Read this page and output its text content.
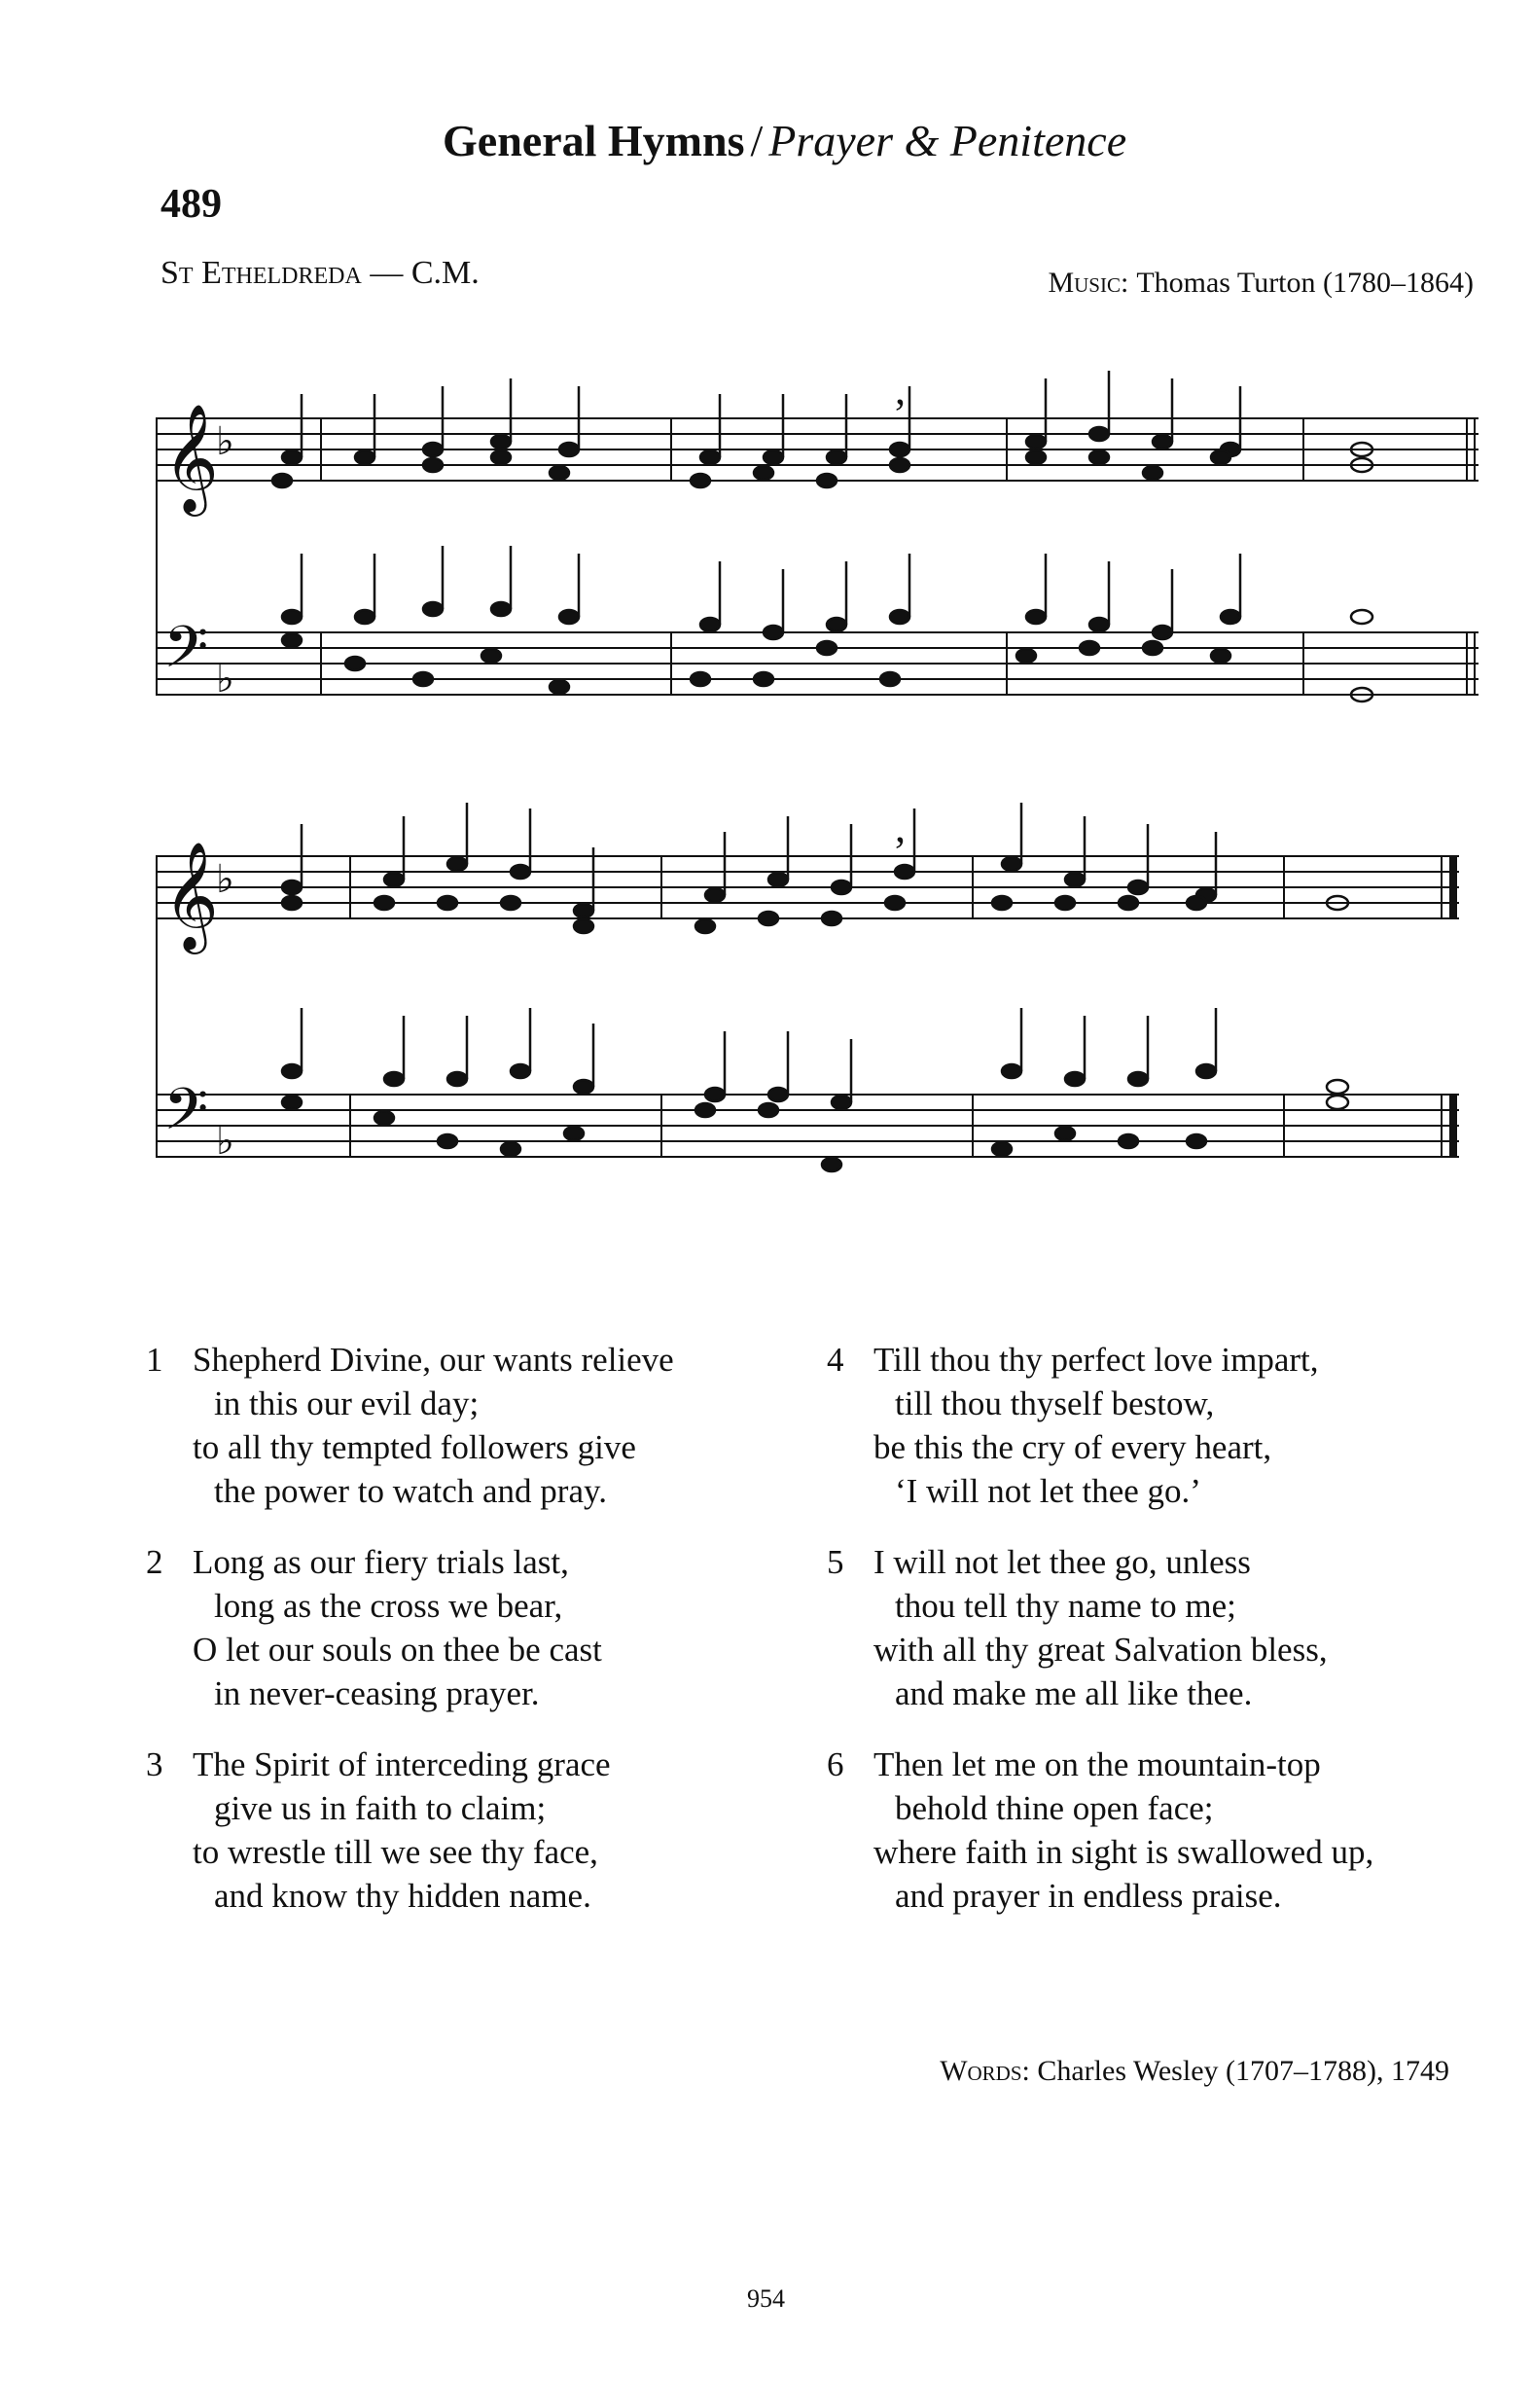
General Hymns / Prayer & Penitence
489
St Etheldreda — C.M.	Music: Thomas Turton (1780–1864)
𝄞
♭
𝄢 ♭
,
𝄞
♭
𝄢 ♭
,
1 Shepherd Divine, our wants relieve
in this our evil day;
to all thy tempted followers give
the power to watch and pray.
2 Long as our fiery trials last,
long as the cross we bear,
O let our souls on thee be cast
in never-ceasing prayer.
3 The Spirit of interceding grace
give us in faith to claim;
to wrestle till we see thy face,
and know thy hidden name.
4 Till thou thy perfect love impart,
till thou thyself bestow,
be this the cry of every heart,
‘I will not let thee go.’
5 I will not let thee go, unless
thou tell thy name to me;
with all thy great Salvation bless,
and make me all like thee.
6 Then let me on the mountain-top
behold thine open face;
where faith in sight is swallowed up,
and prayer in endless praise.
Words: Charles Wesley (1707–1788), 1749
954
